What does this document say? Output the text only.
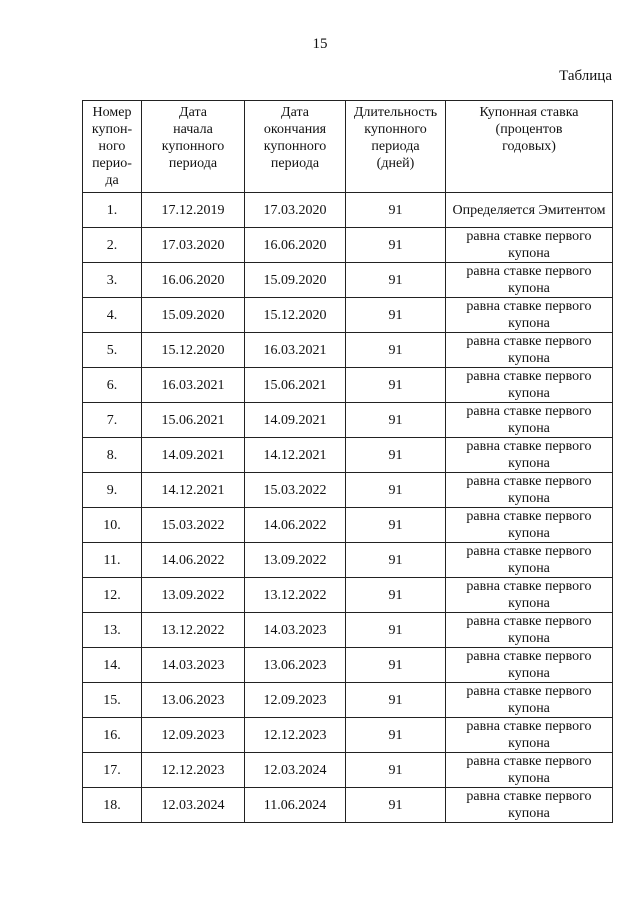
15
Таблица
Номер
купон-
ного
перио-
да	Дата
начала
купонного
периода	Дата
окончания
купонного
периода	Длительность
купонного
периода
(дней)	Купонная ставка
(процентов
годовых)
1.	17.12.2019	17.03.2020	91	Определяется Эмитентом
2.	17.03.2020	16.06.2020	91	равна ставке первого купона
3.	16.06.2020	15.09.2020	91	равна ставке первого купона
4.	15.09.2020	15.12.2020	91	равна ставке первого купона
5.	15.12.2020	16.03.2021	91	равна ставке первого купона
6.	16.03.2021	15.06.2021	91	равна ставке первого купона
7.	15.06.2021	14.09.2021	91	равна ставке первого купона
8.	14.09.2021	14.12.2021	91	равна ставке первого купона
9.	14.12.2021	15.03.2022	91	равна ставке первого купона
10.	15.03.2022	14.06.2022	91	равна ставке первого купона
11.	14.06.2022	13.09.2022	91	равна ставке первого купона
12.	13.09.2022	13.12.2022	91	равна ставке первого купона
13.	13.12.2022	14.03.2023	91	равна ставке первого купона
14.	14.03.2023	13.06.2023	91	равна ставке первого купона
15.	13.06.2023	12.09.2023	91	равна ставке первого купона
16.	12.09.2023	12.12.2023	91	равна ставке первого купона
17.	12.12.2023	12.03.2024	91	равна ставке первого купона
18.	12.03.2024	11.06.2024	91	равна ставке первого купона
